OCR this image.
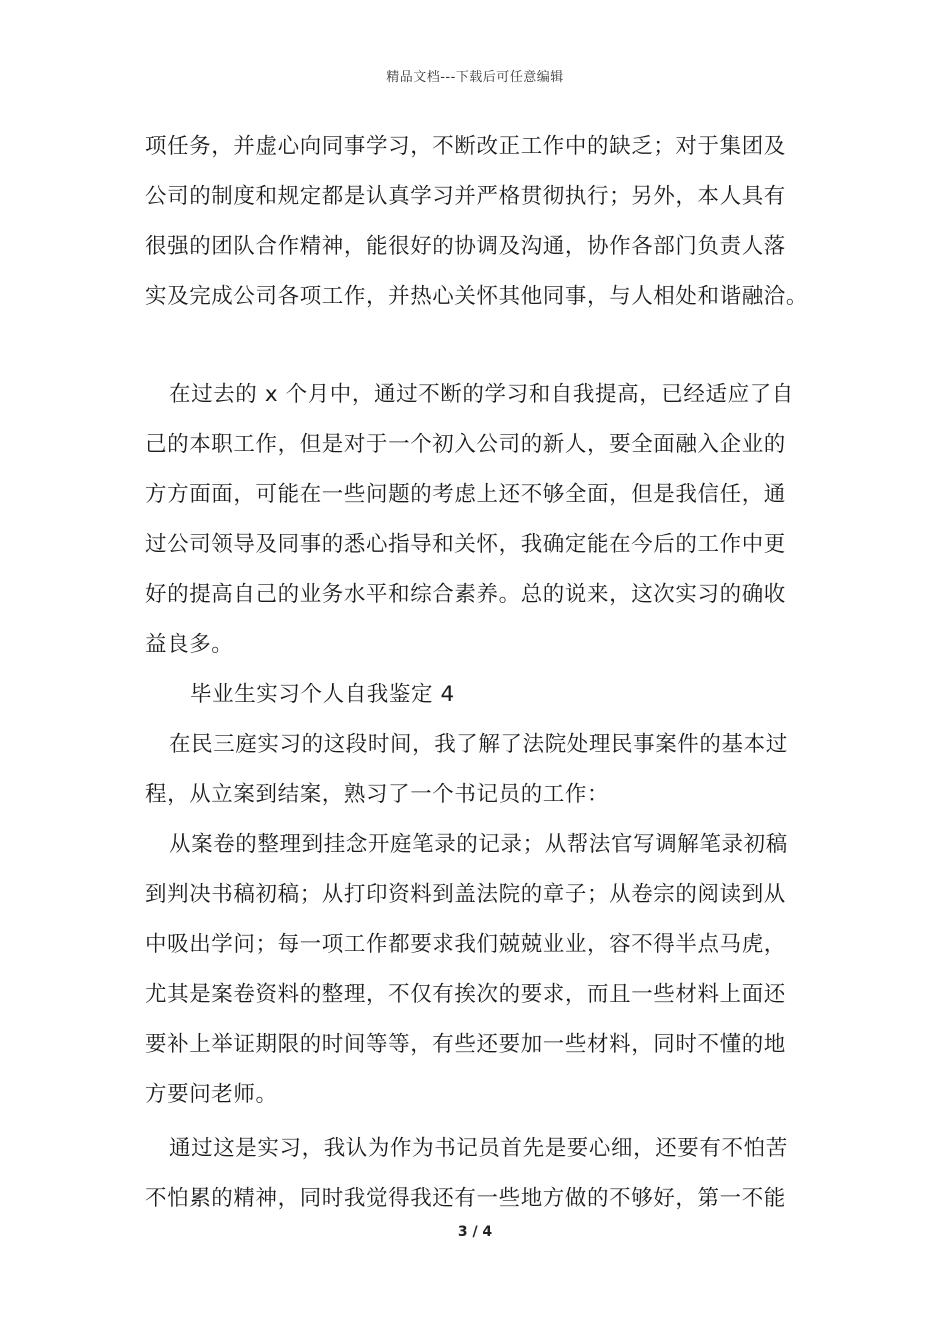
精品文档---下载后可任意编辑
项任务，并虚心向同事学习，不断改正工作中的缺乏；对于集团及
公司的制度和规定都是认真学习并严格贯彻执行；另外，本人具有
很强的团队合作精神，能很好的协调及沟通，协作各部门负责人落
实及完成公司各项工作，并热心关怀其他同事，与人相处和谐融洽。
在过去的 x 个月中，通过不断的学习和自我提高，已经适应了自
己的本职工作，但是对于一个初入公司的新人，要全面融入企业的
方方面面，可能在一些问题的考虑上还不够全面，但是我信任，通
过公司领导及同事的悉心指导和关怀，我确定能在今后的工作中更
好的提高自己的业务水平和综合素养。总的说来，这次实习的确收
益良多。
毕业生实习个人自我鉴定 4
在民三庭实习的这段时间，我了解了法院处理民事案件的基本过
程，从立案到结案，熟习了一个书记员的工作：
从案卷的整理到挂念开庭笔录的记录；从帮法官写调解笔录初稿
到判决书稿初稿；从打印资料到盖法院的章子；从卷宗的阅读到从
中吸出学问；每一项工作都要求我们兢兢业业，容不得半点马虎，
尤其是案卷资料的整理，不仅有挨次的要求，而且一些材料上面还
要补上举证期限的时间等等，有些还要加一些材料，同时不懂的地
方要问老师。
通过这是实习，我认为作为书记员首先是要心细，还要有不怕苦
不怕累的精神，同时我觉得我还有一些地方做的不够好，第一不能
3 / 4
